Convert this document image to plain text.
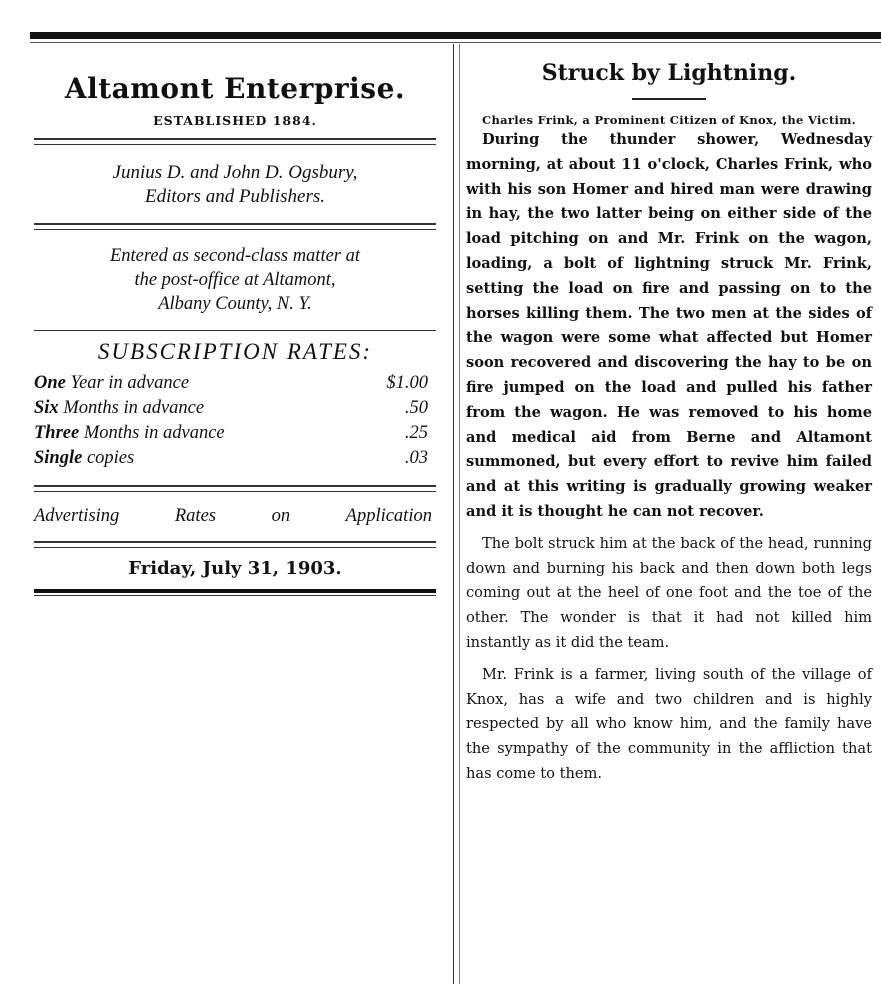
Altamont Enterprise.
ESTABLISHED 1884.
Junius D. and John D. Ogsbury,
Editors and Publishers.
Entered as second-class matter at
the post-office at Altamont,
Albany County, N. Y.
SUBSCRIPTION RATES:
One Year in advance	$1.00
Six Months in advance	.50
Three Months in advance	.25
Single copies	.03
Advertising	Rates	on	Application
Friday, July 31, 1903.
Struck by Lightning.
Charles Frink, a Prominent Citizen of Knox, the Victim.

During the thunder shower, Wednesday morning, at about 11 o'clock, Charles Frink, who with his son Homer and hired man were drawing in hay, the two latter being on either side of the load pitching on and Mr. Frink on the wagon, loading, a bolt of lightning struck Mr. Frink, setting the load on fire and passing on to the horses killing them. The two men at the sides of the wagon were some what affected but Homer soon recovered and discovering the hay to be on fire jumped on the load and pulled his father from the wagon. He was removed to his home and medical aid from Berne and Altamont summoned, but every effort to revive him failed and at this writing is gradually growing weaker and it is thought he can not recover.

The bolt struck him at the back of the head, running down and burning his back and then down both legs coming out at the heel of one foot and the toe of the other. The wonder is that it had not killed him instantly as it did the team.

Mr. Frink is a farmer, living south of the village of Knox, has a wife and two children and is highly respected by all who know him, and the family have the sympathy of the community in the affliction that has come to them.
